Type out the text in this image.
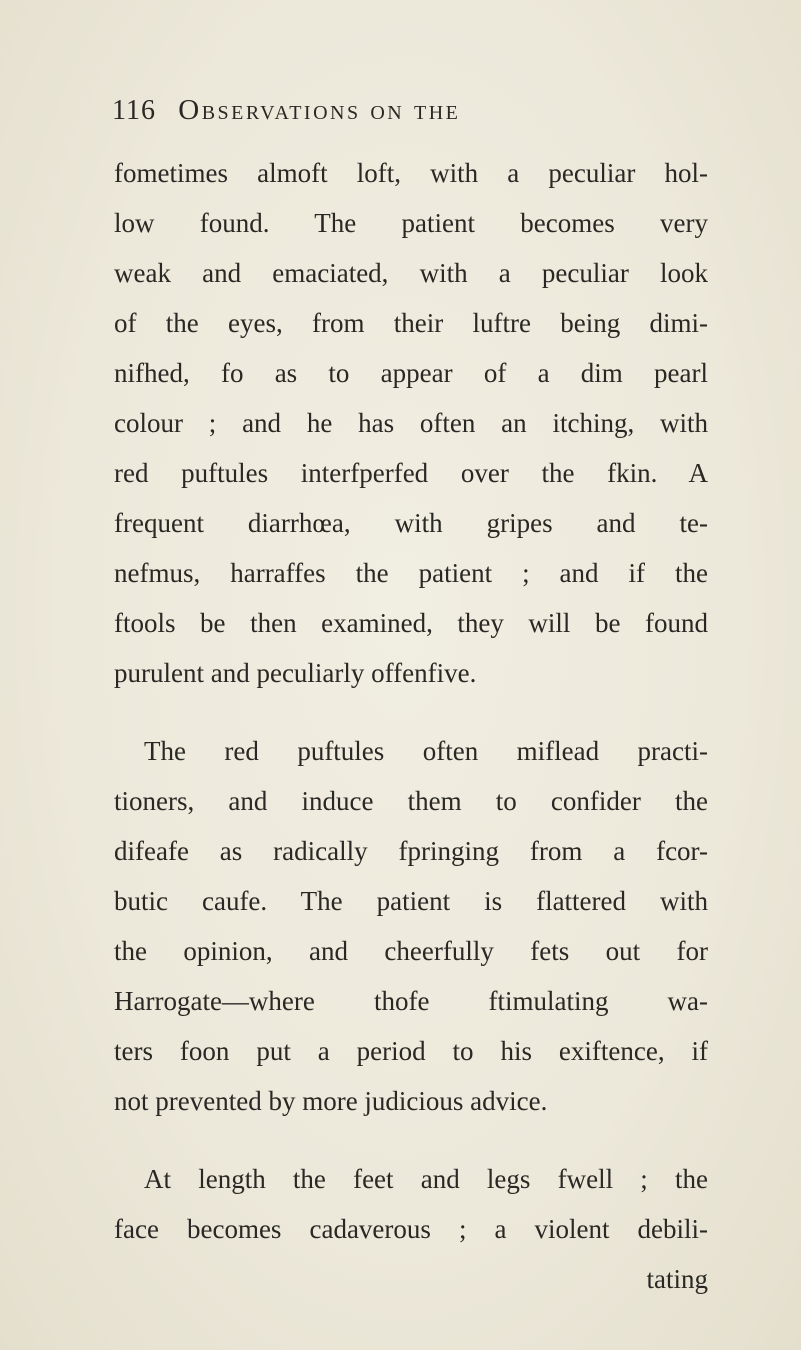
116 Observations on the
fometimes almoft loft, with a peculiar hol-
low found. The patient becomes very
weak and emaciated, with a peculiar look
of the eyes, from their luftre being dimi-
nifhed, fo as to appear of a dim pearl
colour ; and he has often an itching, with
red puftules interfperfed over the fkin. A
frequent diarrhœa, with gripes and te-
nefmus, harraffes the patient ; and if the
ftools be then examined, they will be found
purulent and peculiarly offenfive.
The red puftules often miflead practi-
tioners, and induce them to confider the
difeafe as radically fpringing from a fcor-
butic caufe. The patient is flattered with
the opinion, and cheerfully fets out for
Harrogate—where thofe ftimulating wa-
ters foon put a period to his exiftence, if
not prevented by more judicious advice.
At length the feet and legs fwell ; the
face becomes cadaverous ; a violent debili-
tating
